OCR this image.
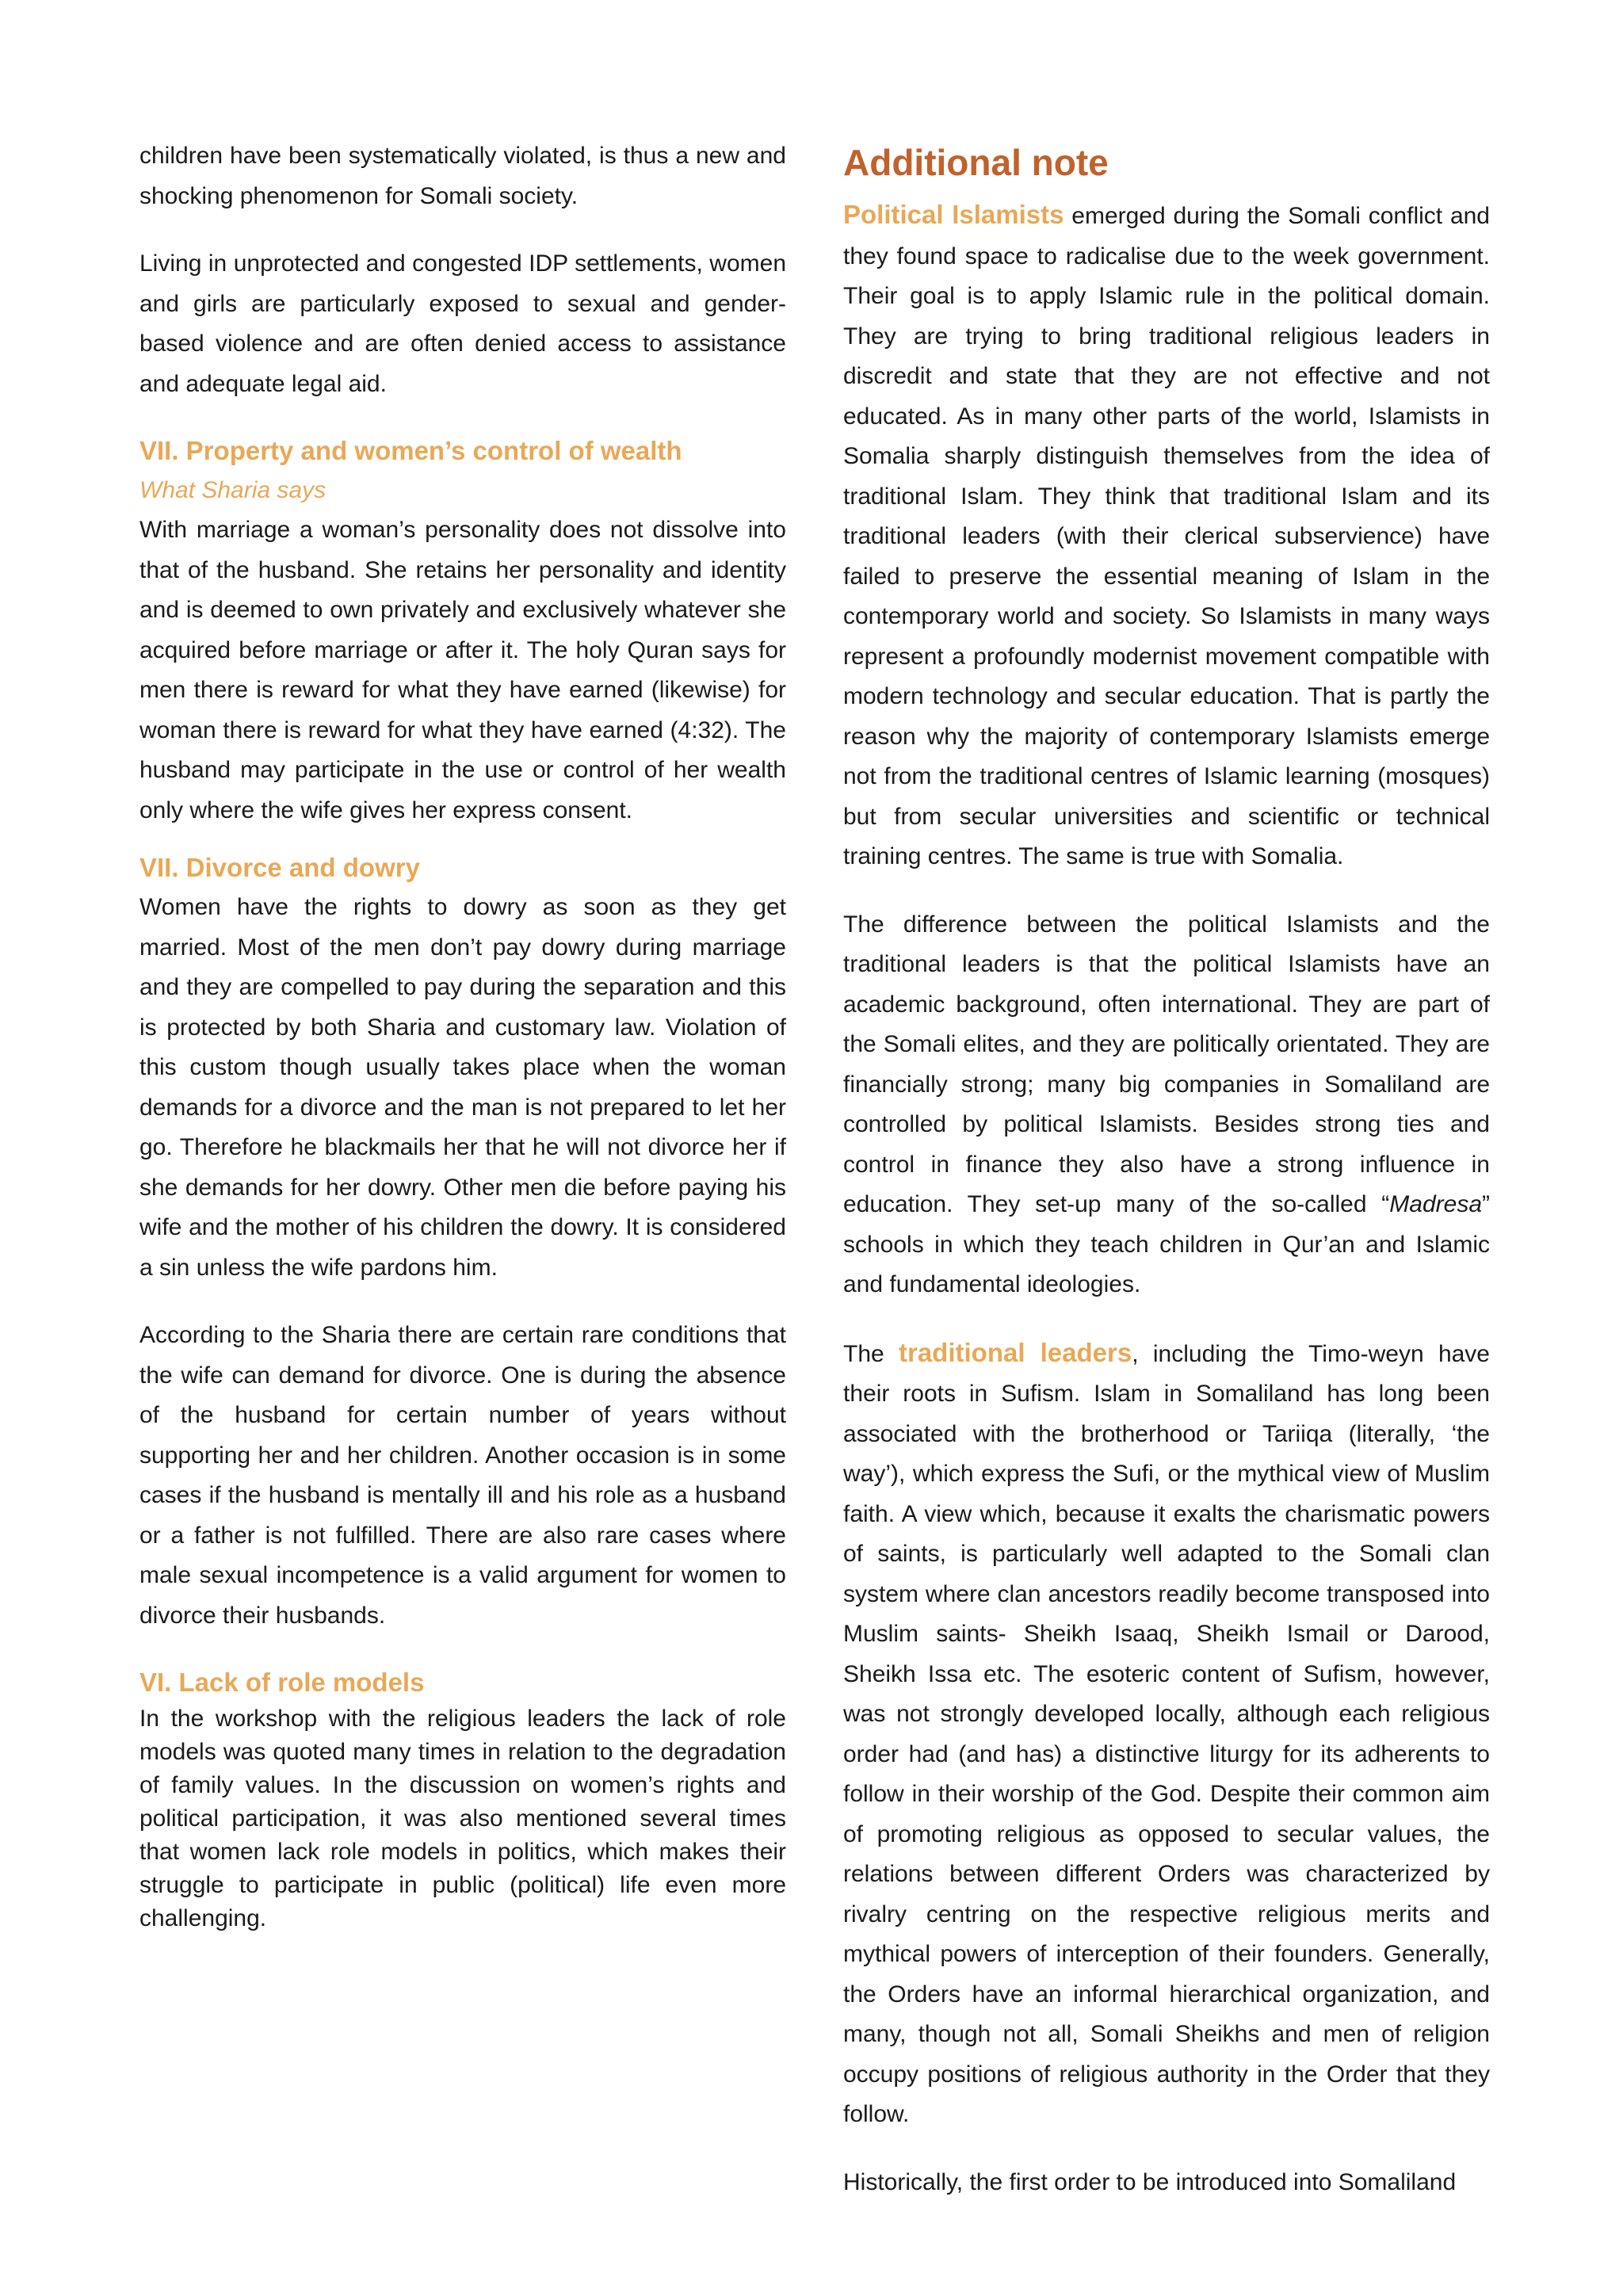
children have been systematically violated, is thus a new and shocking phenomenon for Somali society.

Living in unprotected and congested IDP settlements, women and girls are particularly exposed to sexual and gender-based violence and are often denied access to assistance and adequate legal aid.

VII. Property and women’s control of wealth
What Sharia says

With marriage a woman’s personality does not dissolve into that of the husband. She retains her personality and identity and is deemed to own privately and exclusively whatever she acquired before marriage or after it. The holy Quran says for men there is reward for what they have earned (likewise) for woman there is reward for what they have earned (4:32). The husband may participate in the use or control of her wealth only where the wife gives her express consent.

VII. Divorce and dowry

Women have the rights to dowry as soon as they get married. Most of the men don’t pay dowry during marriage and they are compelled to pay during the separation and this is protected by both Sharia and customary law. Violation of this custom though usually takes place when the woman demands for a divorce and the man is not prepared to let her go. Therefore he blackmails her that he will not divorce her if she demands for her dowry. Other men die before paying his wife and the mother of his children the dowry. It is considered a sin unless the wife pardons him.

According to the Sharia there are certain rare conditions that the wife can demand for divorce. One is during the absence of the husband for certain number of years without supporting her and her children. Another occasion is in some cases if the husband is mentally ill and his role as a husband or a father is not fulfilled. There are also rare cases where male sexual incompetence is a valid argument for women to divorce their husbands.

VI. Lack of role models

In the workshop with the religious leaders the lack of role models was quoted many times in relation to the degradation of family values. In the discussion on women’s rights and political participation, it was also mentioned several times that women lack role models in politics, which makes their struggle to participate in public (political) life even more challenging.

Additional note

Political Islamists emerged during the Somali conflict and they found space to radicalise due to the week government. Their goal is to apply Islamic rule in the political domain. They are trying to bring traditional religious leaders in discredit and state that they are not effective and not educated. As in many other parts of the world, Islamists in Somalia sharply distinguish themselves from the idea of traditional Islam. They think that traditional Islam and its traditional leaders (with their clerical subservience) have failed to preserve the essential meaning of Islam in the contemporary world and society. So Islamists in many ways represent a profoundly modernist movement compatible with modern technology and secular education. That is partly the reason why the majority of contemporary Islamists emerge not from the traditional centres of Islamic learning (mosques) but from secular universities and scientific or technical training centres. The same is true with Somalia.

The difference between the political Islamists and the traditional leaders is that the political Islamists have an academic background, often international. They are part of the Somali elites, and they are politically orientated. They are financially strong; many big companies in Somaliland are controlled by political Islamists. Besides strong ties and control in finance they also have a strong influence in education. They set-up many of the so-called “Madresa” schools in which they teach children in Qur’an and Islamic and fundamental ideologies.

The traditional leaders, including the Timo-weyn have their roots in Sufism. Islam in Somaliland has long been associated with the brotherhood or Tariiqa (literally, ‘the way’), which express the Sufi, or the mythical view of Muslim faith. A view which, because it exalts the charismatic powers of saints, is particularly well adapted to the Somali clan system where clan ancestors readily become transposed into Muslim saints- Sheikh Isaaq, Sheikh Ismail or Darood, Sheikh Issa etc. The esoteric content of Sufism, however, was not strongly developed locally, although each religious order had (and has) a distinctive liturgy for its adherents to follow in their worship of the God. Despite their common aim of promoting religious as opposed to secular values, the relations between different Orders was characterized by rivalry centring on the respective religious merits and mythical powers of interception of their founders. Generally, the Orders have an informal hierarchical organization, and many, though not all, Somali Sheikhs and men of religion occupy positions of religious authority in the Order that they follow.

Historically, the first order to be introduced into Somaliland
